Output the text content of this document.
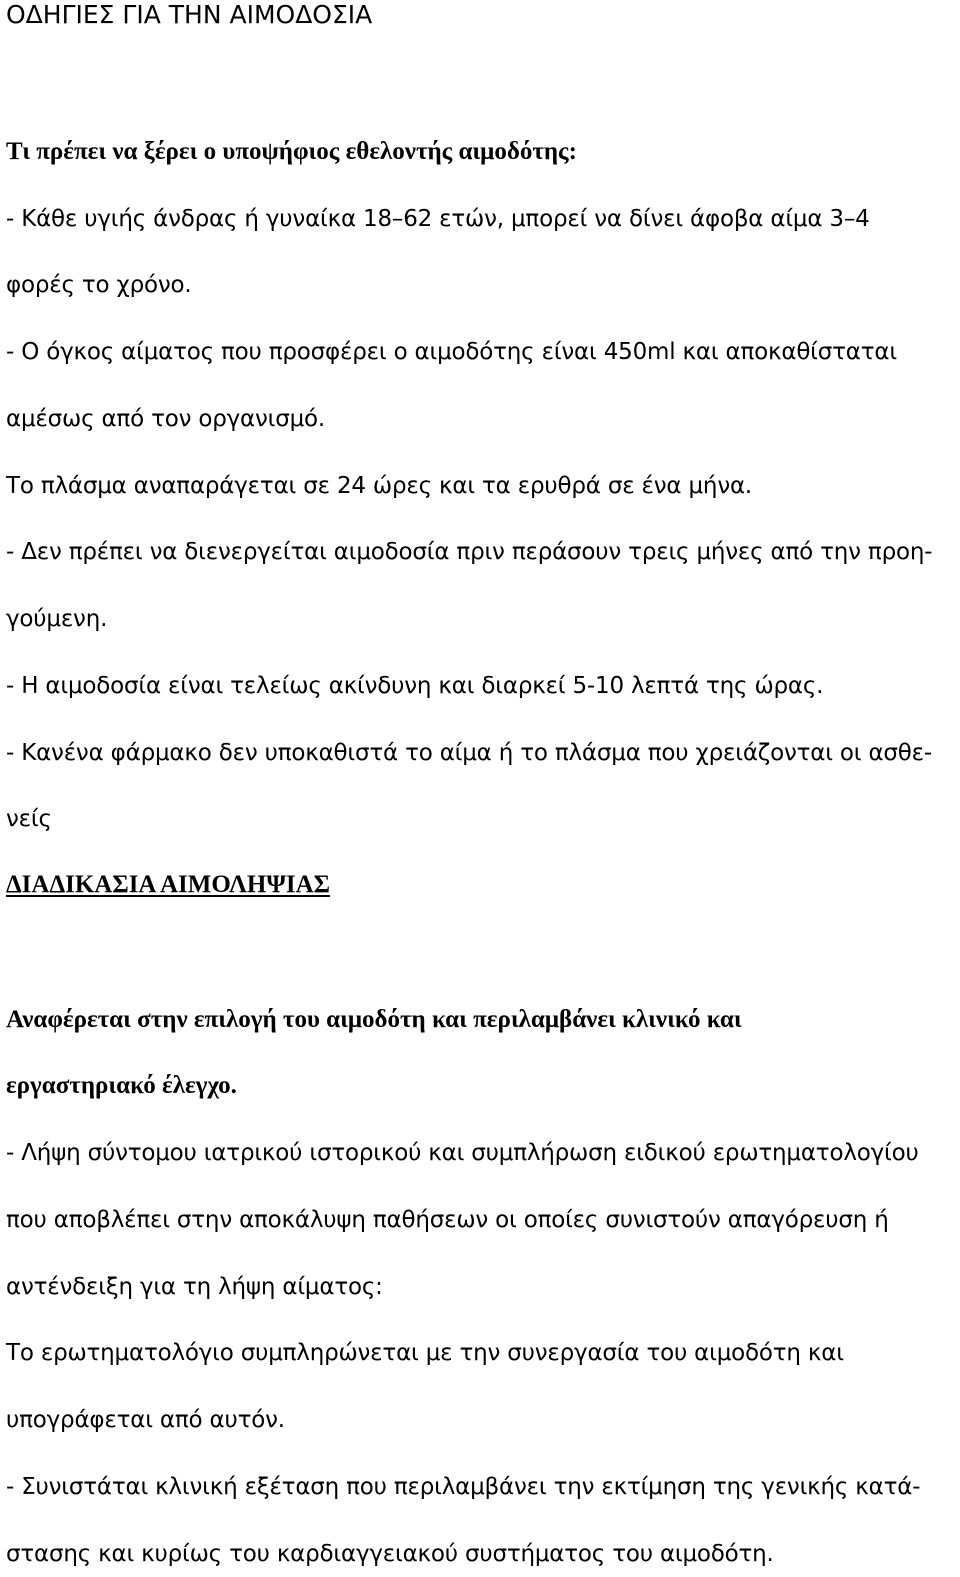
ΟΔΗΓΙΕΣ ΓΙΑ ΤΗΝ ΑΙΜΟΔΟΣΙΑ
Τι πρέπει να ξέρει ο υποψήφιος εθελοντής αιμοδότης:
- Κάθε υγιής άνδρας ή γυναίκα 18–62 ετών, μπορεί να δίνει άφοβα αίμα 3–4
φορές το χρόνο.
- Ο όγκος αίματος που προσφέρει ο αιμοδότης είναι 450ml και αποκαθίσταται
αμέσως από τον οργανισμό.
Το πλάσμα αναπαράγεται σε 24 ώρες και τα ερυθρά σε ένα μήνα.
- Δεν πρέπει να διενεργείται αιμοδοσία πριν περάσουν τρεις μήνες από την προη-
γούμενη.
- Η αιμοδοσία είναι τελείως ακίνδυνη και διαρκεί 5-10 λεπτά της ώρας.
- Κανένα φάρμακο δεν υποκαθιστά το αίμα ή το πλάσμα που χρειάζονται οι ασθε-
νείς
ΔΙΑΔΙΚΑΣΙΑ ΑΙΜΟΛΗΨΙΑΣ
Αναφέρεται στην επιλογή του αιμοδότη και περιλαμβάνει κλινικό και
εργαστηριακό έλεγχο.
- Λήψη σύντομου ιατρικού ιστορικού και συμπλήρωση ειδικού ερωτηματολογίου
που αποβλέπει στην αποκάλυψη παθήσεων οι οποίες συνιστούν απαγόρευση ή
αντένδειξη για τη λήψη αίματος:
Το ερωτηματολόγιο συμπληρώνεται με την συνεργασία του αιμοδότη και
υπογράφεται από αυτόν.
- Συνιστάται κλινική εξέταση που περιλαμβάνει την εκτίμηση της γενικής κατά-
στασης και κυρίως του καρδιαγγειακού συστήματος του αιμοδότη.
